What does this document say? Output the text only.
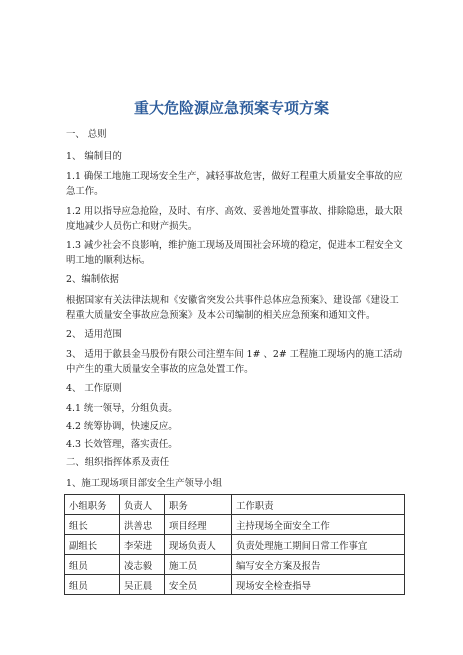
重大危险源应急预案专项方案
一、 总则
1、 编制目的
1.1 确保工地施工现场安全生产，减轻事故危害，做好工程重大质量安全事故的应急工作。
1.2 用以指导应急抢险，及时、有序、高效、妥善地处置事故、排除隐患，最大限度地减少人员伤亡和财产损失。
1.3 减少社会不良影响，维护施工现场及周围社会环境的稳定，促进本工程安全文明工地的顺利达标。
2、编制依据
根据国家有关法律法规和《安徽省突发公共事件总体应急预案》、建设部《建设工程重大质量安全事故应急预案》及本公司编制的相关应急预案和通知文件。
2、 适用范围
3、 适用于歙县金马股份有限公司注塑车间 1# 、2# 工程施工现场内的施工活动中产生的重大质量安全事故的应急处置工作。
4、 工作原则
4.1 统一领导，分组负责。
4.2 统筹协调，快速反应。
4.3 长效管理，落实责任。
二、组织指挥体系及责任
1、施工现场项目部安全生产领导小组
小组职务	负责人	职务	工作职责
组长	洪善忠	项目经理	主持现场全面安全工作
副组长	李荣进	现场负责人	负责处理施工期间日常工作事宜
组员	凌志毅	施工员	编写安全方案及报告
组员	吴正晨	安全员	现场安全检查指导
